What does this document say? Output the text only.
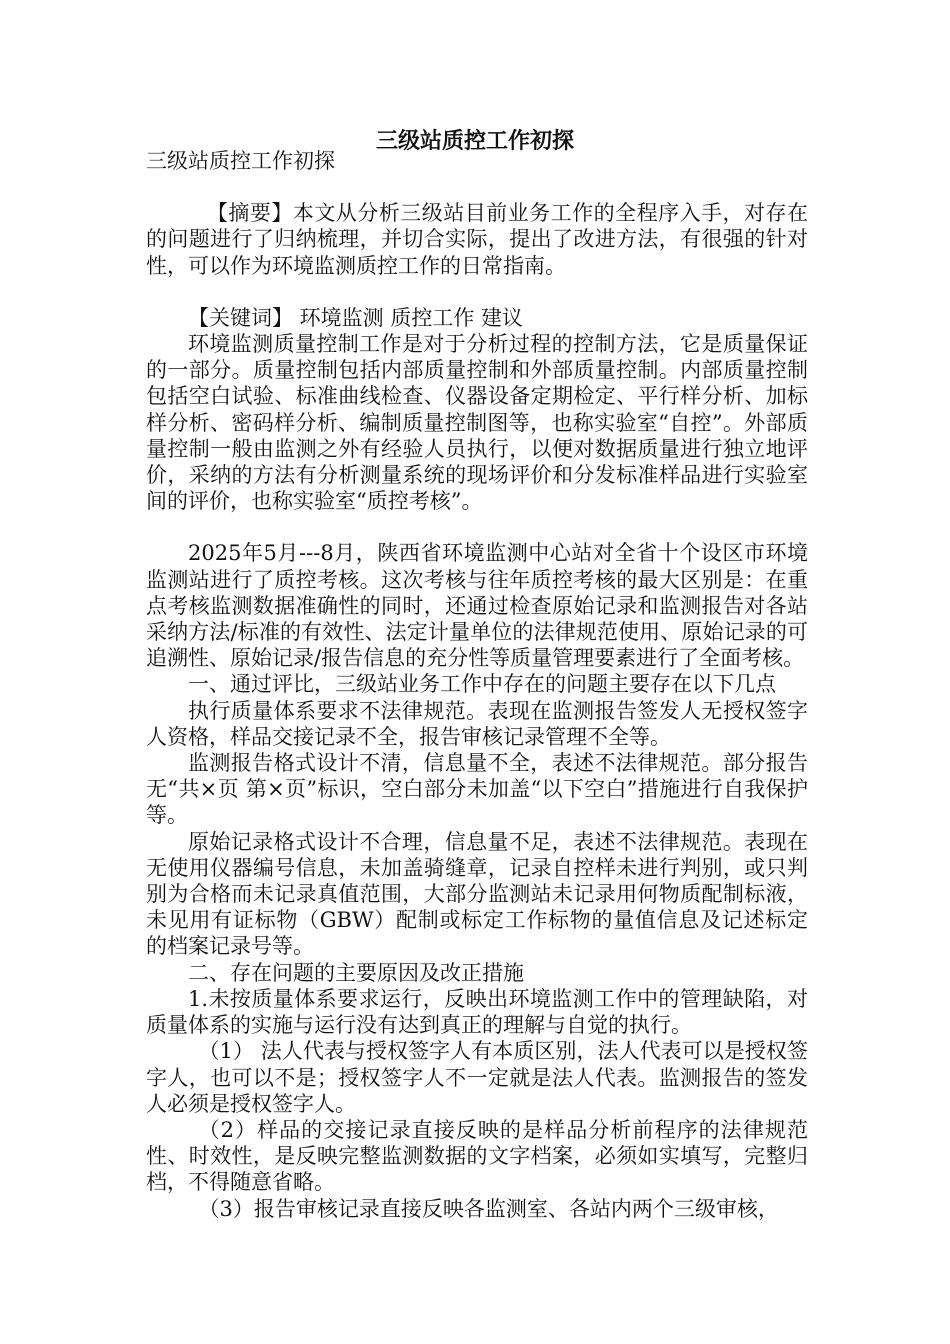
三级站质控工作初探

三级站质控工作初探

【摘要】本文从分析三级站目前业务工作的全程序入手，对存在的问题进行了归纳梳理，并切合实际，提出了改进方法，有很强的针对性，可以作为环境监测质控工作的日常指南。

【关键词】 环境监测 质控工作 建议

环境监测质量控制工作是对于分析过程的控制方法，它是质量保证的一部分。质量控制包括内部质量控制和外部质量控制。内部质量控制包括空白试验、标准曲线检查、仪器设备定期检定、平行样分析、加标样分析、密码样分析、编制质量控制图等，也称实验室“自控”。外部质量控制一般由监测之外有经验人员执行，以便对数据质量进行独立地评价，采纳的方法有分析测量系统的现场评价和分发标准样品进行实验室间的评价，也称实验室“质控考核”。

2025年5月---8月，陕西省环境监测中心站对全省十个设区市环境监测站进行了质控考核。这次考核与往年质控考核的最大区别是：在重点考核监测数据准确性的同时，还通过检查原始记录和监测报告对各站采纳方法/标准的有效性、法定计量单位的法律规范使用、原始记录的可追溯性、原始记录/报告信息的充分性等质量管理要素进行了全面考核。

一、通过评比，三级站业务工作中存在的问题主要存在以下几点

执行质量体系要求不法律规范。表现在监测报告签发人无授权签字人资格，样品交接记录不全，报告审核记录管理不全等。

监测报告格式设计不清，信息量不全，表述不法律规范。部分报告无“共×页 第×页”标识，空白部分未加盖“以下空白”措施进行自我保护等。

原始记录格式设计不合理，信息量不足，表述不法律规范。表现在无使用仪器编号信息，未加盖骑缝章，记录自控样未进行判别，或只判别为合格而未记录真值范围，大部分监测站未记录用何物质配制标液，未见用有证标物（GBW）配制或标定工作标物的量值信息及记述标定的档案记录号等。

二、存在问题的主要原因及改正措施

1.未按质量体系要求运行，反映出环境监测工作中的管理缺陷，对质量体系的实施与运行没有达到真正的理解与自觉的执行。

（1） 法人代表与授权签字人有本质区别，法人代表可以是授权签字人，也可以不是；授权签字人不一定就是法人代表。监测报告的签发人必须是授权签字人。

（2）样品的交接记录直接反映的是样品分析前程序的法律规范性、时效性，是反映完整监测数据的文字档案，必须如实填写，完整归档，不得随意省略。

（3）报告审核记录直接反映各监测室、各站内两个三级审核，
